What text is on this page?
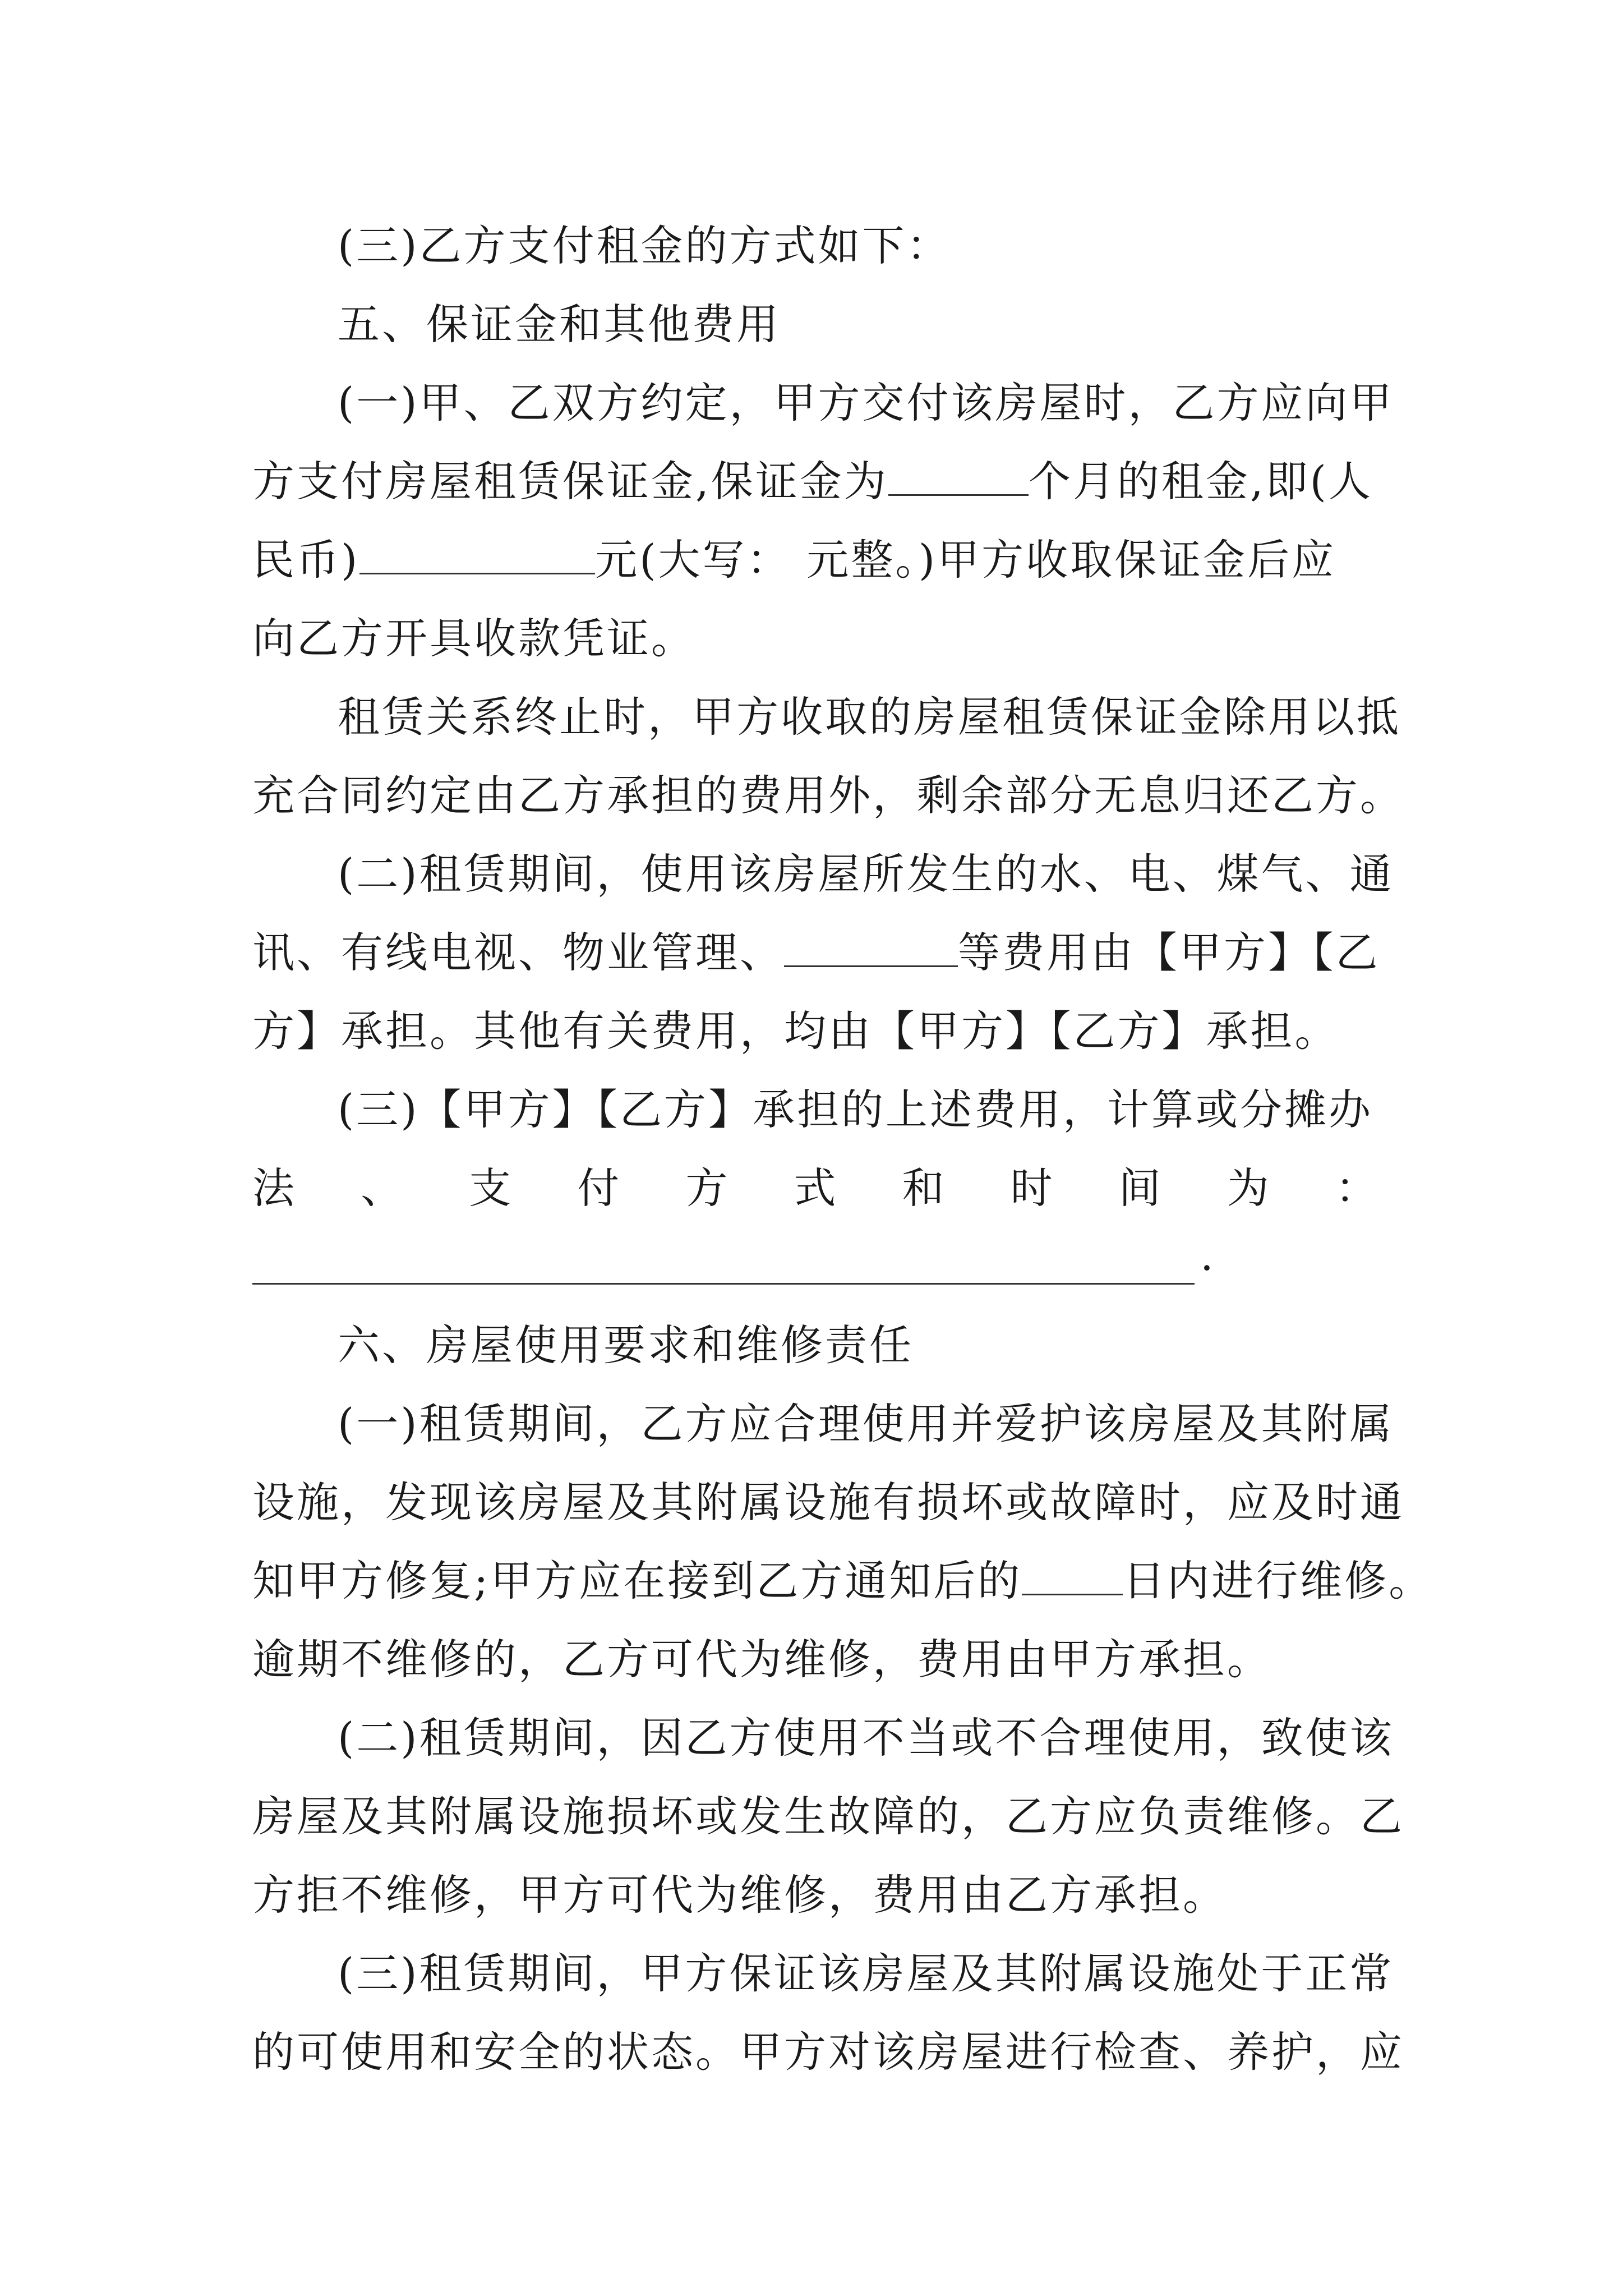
(三)乙方支付租金的方式如下：

五、保证金和其他费用

(一)甲、乙双方约定，甲方交付该房屋时，乙方应向甲
方支付房屋租赁保证金,保证金为	个月的租金,即(人
民币)	元(大写： 元整。)甲方收取保证金后应
向乙方开具收款凭证。

租赁关系终止时，甲方收取的房屋租赁保证金除用以抵
充合同约定由乙方承担的费用外，剩余部分无息归还乙方。

(二)租赁期间，使用该房屋所发生的水、电、煤气、通
讯、有线电视、物业管理、	等费用由【甲方】【乙
方】承担。其他有关费用，均由【甲方】【乙方】承担。

(三)【甲方】【乙方】承担的上述费用，计算或分摊办
法 、 支 付 方 式 和 时 间 为 ：
.

六、房屋使用要求和维修责任

(一)租赁期间，乙方应合理使用并爱护该房屋及其附属
设施，发现该房屋及其附属设施有损坏或故障时，应及时通
知甲方修复;甲方应在接到乙方通知后的 日内进行维修。
逾期不维修的，乙方可代为维修，费用由甲方承担。

(二)租赁期间，因乙方使用不当或不合理使用，致使该
房屋及其附属设施损坏或发生故障的，乙方应负责维修。乙
方拒不维修，甲方可代为维修，费用由乙方承担。

(三)租赁期间，甲方保证该房屋及其附属设施处于正常
的可使用和安全的状态。甲方对该房屋进行检查、养护，应
